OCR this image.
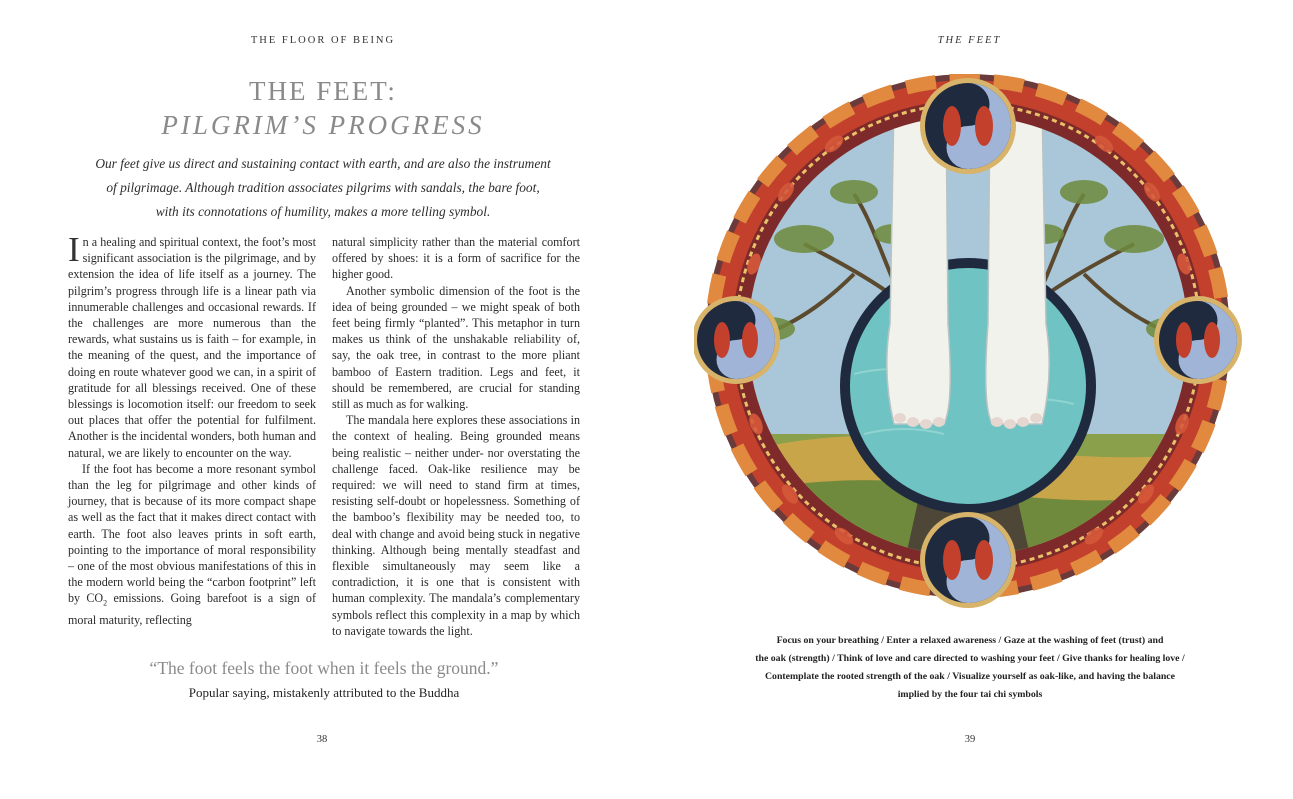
THE FLOOR OF BEING
THE FEET:
PILGRIM’S PROGRESS
Our feet give us direct and sustaining contact with earth, and are also the instrument
of pilgrimage. Although tradition associates pilgrims with sandals, the bare foot,
with its connotations of humility, makes a more telling symbol.

In a healing and spiritual context, the foot’s most significant association is the pilgrimage, and by extension the idea of life itself as a journey. The pilgrim’s progress through life is a linear path via innumerable challenges and occasional rewards. If the challenges are more numerous than the rewards, what sustains us is faith – for example, in the meaning of the quest, and the importance of doing en route whatever good we can, in a spirit of gratitude for all blessings received. One of these blessings is locomotion itself: our freedom to seek out places that offer the potential for fulfilment. Another is the incidental wonders, both human and natural, we are likely to encounter on the way.

If the foot has become a more resonant symbol than the leg for pilgrimage and other kinds of journey, that is because of its more compact shape as well as the fact that it makes direct contact with earth. The foot also leaves prints in soft earth, pointing to the importance of moral responsibility – one of the most obvious manifestations of this in the modern world being the “carbon footprint” left by $CO_2$ emissions. Going barefoot is a sign of moral maturity, reflecting

natural simplicity rather than the material comfort offered by shoes: it is a form of sacrifice for the higher good.

Another symbolic dimension of the foot is the idea of being grounded – we might speak of both feet being firmly “planted”. This metaphor in turn makes us think of the unshakable reliability of, say, the oak tree, in contrast to the more pliant bamboo of Eastern tradition. Legs and feet, it should be remembered, are crucial for standing still as much as for walking.

The mandala here explores these associations in the context of healing. Being grounded means being realistic – neither under- nor overstating the challenge faced. Oak-like resilience may be required: we will need to stand firm at times, resisting self-doubt or hopelessness. Something of the bamboo’s flexibility may be needed too, to deal with change and avoid being stuck in negative thinking. Although being mentally steadfast and flexible simultaneously may seem like a contradiction, it is one that is consistent with human complexity. The mandala’s complementary symbols reflect this complexity in a map by which to navigate towards the light.

“The foot feels the foot when it feels the ground.”
Popular saying, mistakenly attributed to the Buddha
38
THE FEET
Focus on your breathing / Enter a relaxed awareness / Gaze at the washing of feet (trust) and
the oak (strength) / Think of love and care directed to washing your feet / Give thanks for healing love /
Contemplate the rooted strength of the oak / Visualize yourself as oak-like, and having the balance
implied by the four tai chi symbols
39
